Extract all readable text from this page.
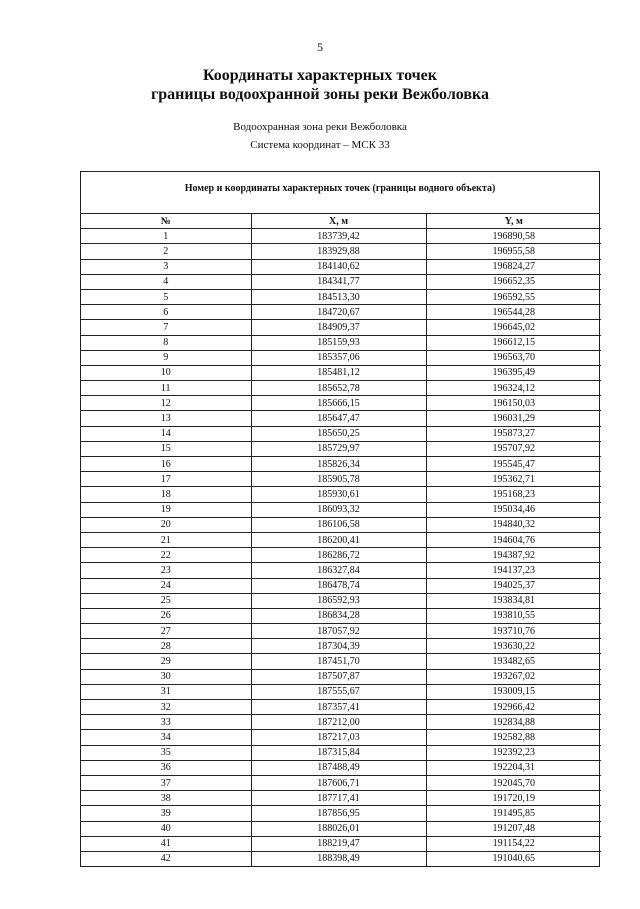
5
Координаты характерных точек
границы водоохранной зоны реки Вежболовка
Водоохранная зона реки Вежболовка
Система координат – МСК 33
Номер и координаты характерных точек (границы водного объекта)
№	X, м	Y, м
1	183739,42	196890,58
2	183929,88	196955,58
3	184140,62	196824,27
4	184341,77	196652,35
5	184513,30	196592,55
6	184720,67	196544,28
7	184909,37	196645,02
8	185159,93	196612,15
9	185357,06	196563,70
10	185481,12	196395,49
11	185652,78	196324,12
12	185666,15	196150,03
13	185647,47	196031,29
14	185650,25	195873,27
15	185729,97	195707,92
16	185826,34	195545,47
17	185905,78	195362,71
18	185930,61	195168,23
19	186093,32	195034,46
20	186106,58	194840,32
21	186200,41	194604,76
22	186286,72	194387,92
23	186327,84	194137,23
24	186478,74	194025,37
25	186592,93	193834,81
26	186834,28	193810,55
27	187057,92	193710,76
28	187304,39	193630,22
29	187451,70	193482,65
30	187507,87	193267,02
31	187555,67	193009,15
32	187357,41	192966,42
33	187212,00	192834,88
34	187217,03	192582,88
35	187315,84	192392,23
36	187488,49	192204,31
37	187606,71	192045,70
38	187717,41	191720,19
39	187856,95	191495,85
40	188026,01	191207,48
41	188219,47	191154,22
42	188398,49	191040,65
